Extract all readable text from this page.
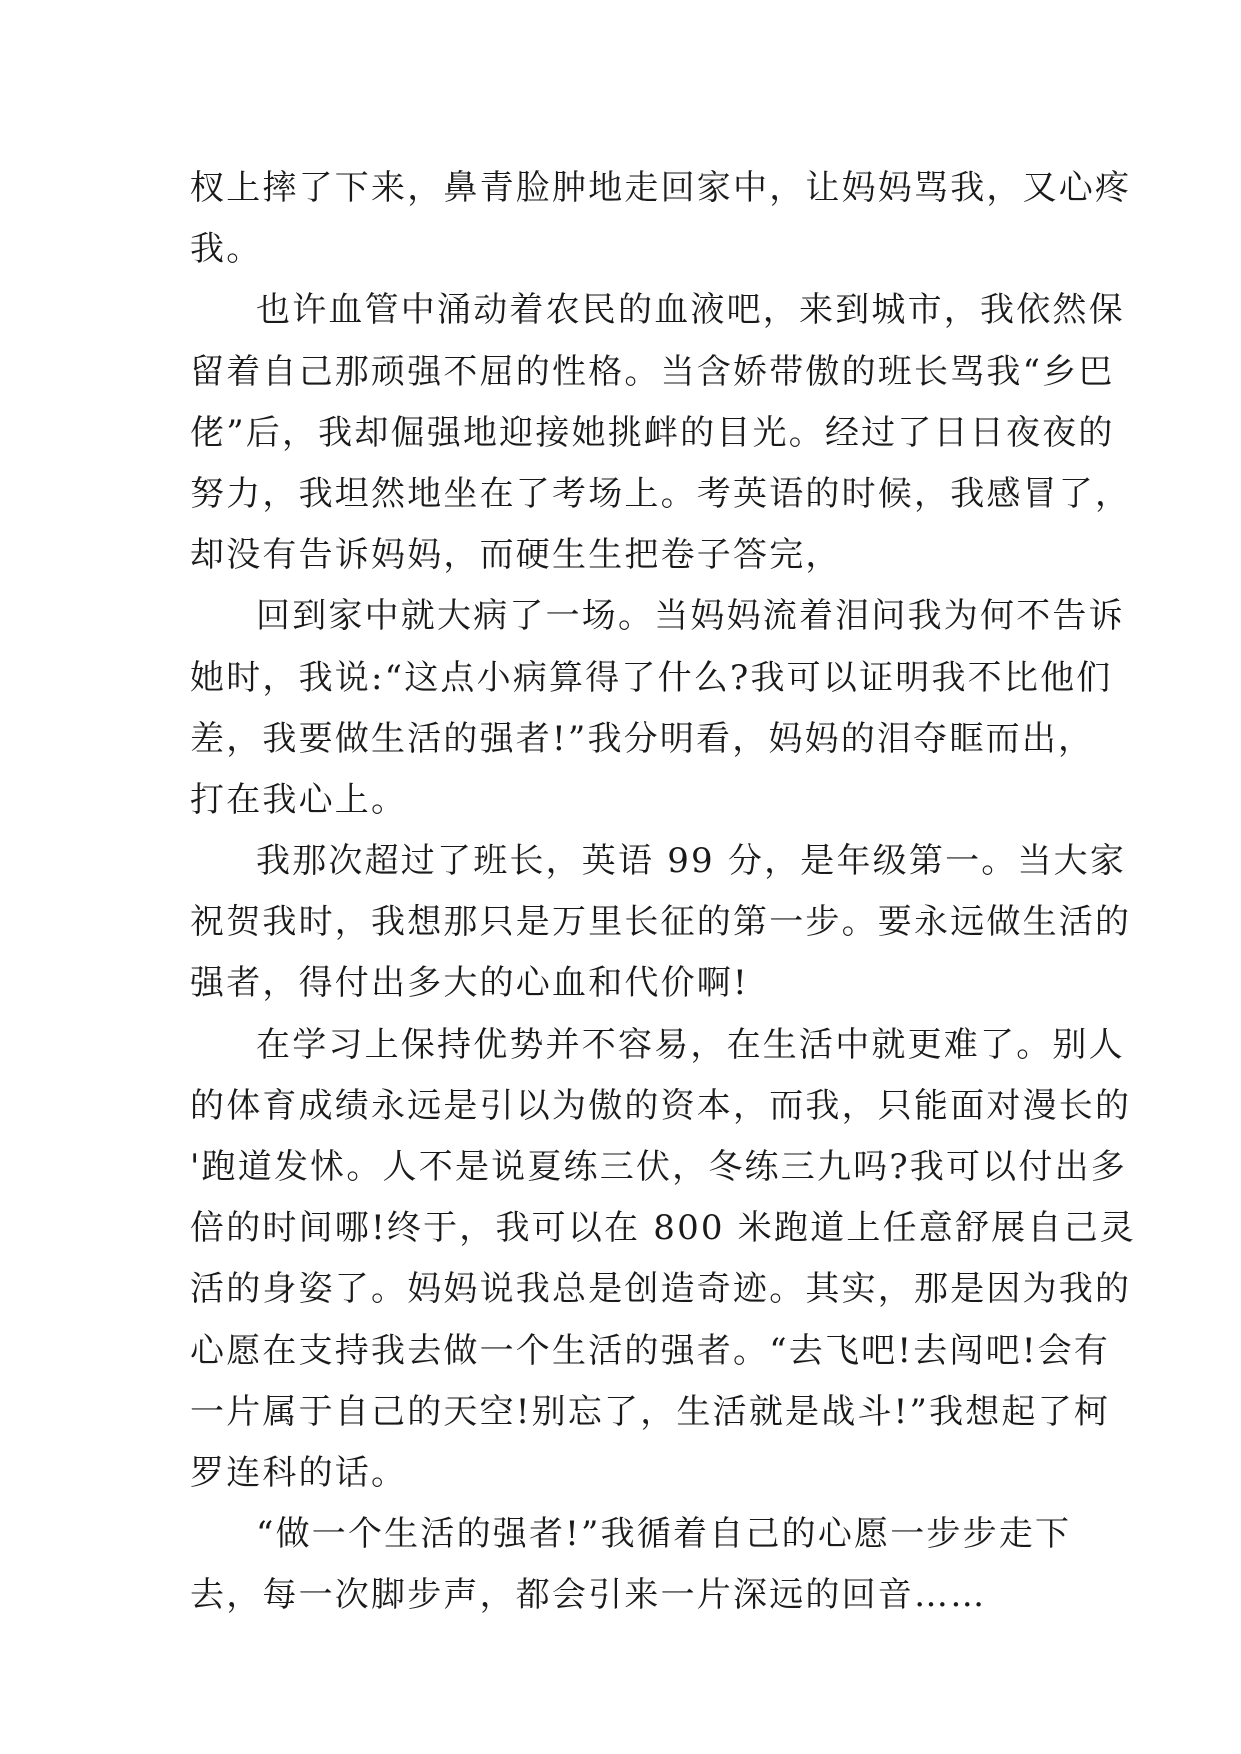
杈上摔了下来，鼻青脸肿地走回家中，让妈妈骂我，又心疼
我。
也许血管中涌动着农民的血液吧，来到城市，我依然保
留着自己那顽强不屈的性格。当含娇带傲的班长骂我“乡巴
佬”后，我却倔强地迎接她挑衅的目光。经过了日日夜夜的
努力，我坦然地坐在了考场上。考英语的时候，我感冒了，
却没有告诉妈妈，而硬生生把卷子答完，
回到家中就大病了一场。当妈妈流着泪问我为何不告诉
她时，我说:“这点小病算得了什么?我可以证明我不比他们
差，我要做生活的强者!”我分明看，妈妈的泪夺眶而出，
打在我心上。
我那次超过了班长，英语 99 分，是年级第一。当大家
祝贺我时，我想那只是万里长征的第一步。要永远做生活的
强者，得付出多大的心血和代价啊!
在学习上保持优势并不容易，在生活中就更难了。别人
的体育成绩永远是引以为傲的资本，而我，只能面对漫长的
'跑道发怵。人不是说夏练三伏，冬练三九吗?我可以付出多
倍的时间哪!终于，我可以在 800 米跑道上任意舒展自己灵
活的身姿了。妈妈说我总是创造奇迹。其实，那是因为我的
心愿在支持我去做一个生活的强者。“去飞吧!去闯吧!会有
一片属于自己的天空!别忘了，生活就是战斗!”我想起了柯
罗连科的话。
“做一个生活的强者!”我循着自己的心愿一步步走下
去，每一次脚步声，都会引来一片深远的回音……
